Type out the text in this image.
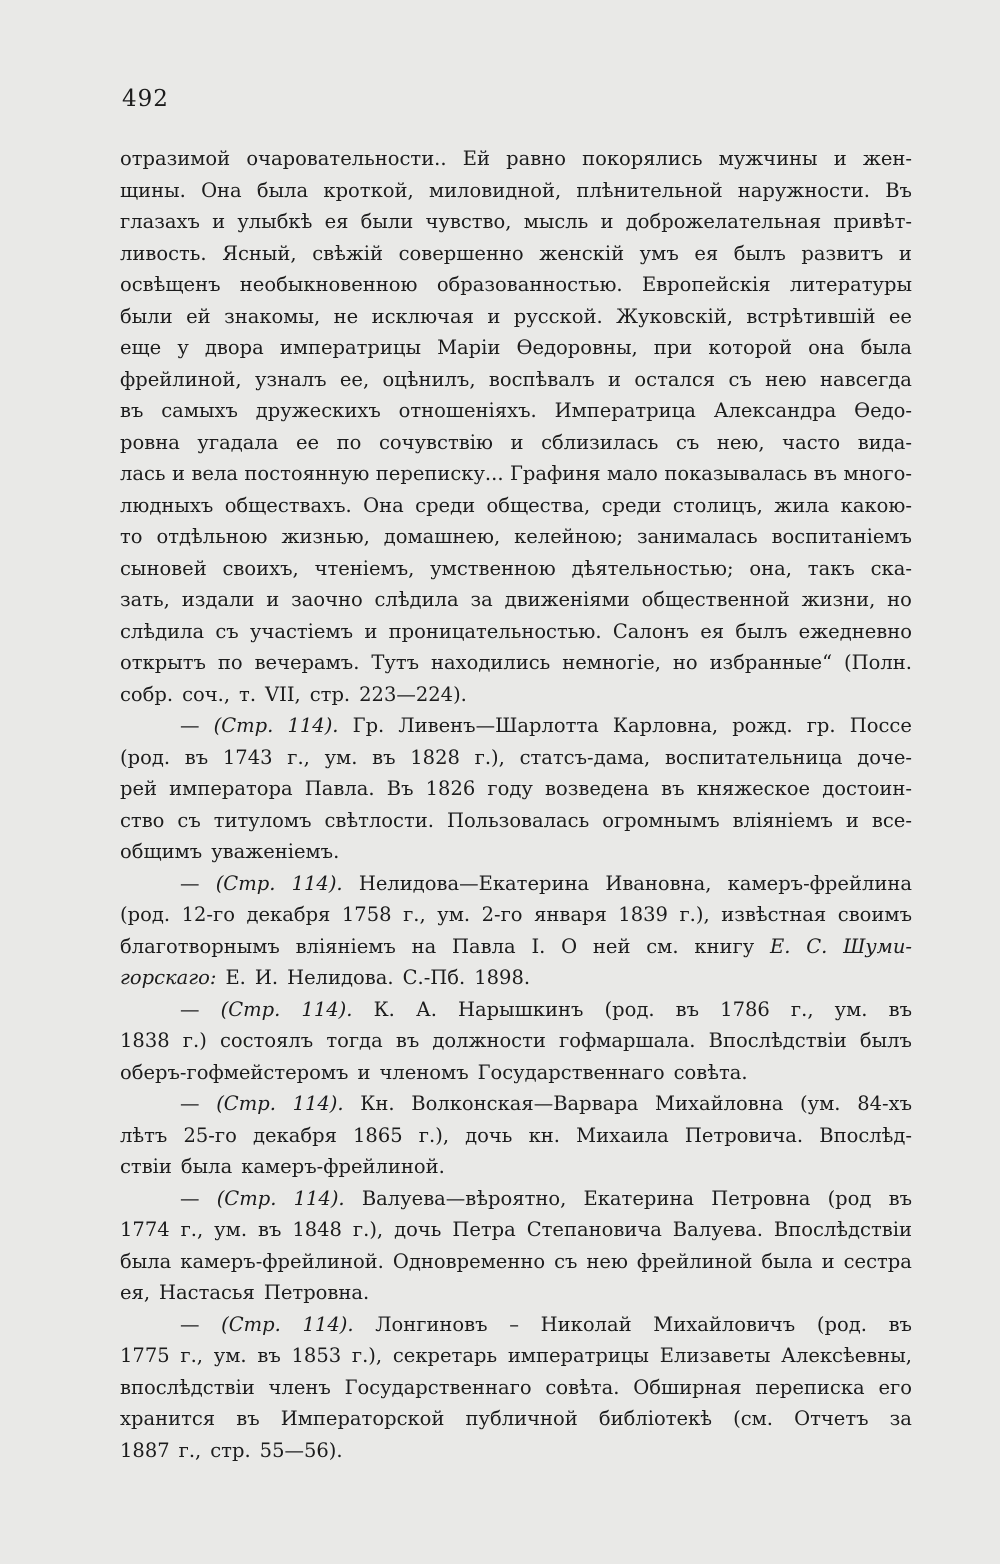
492
отразимой очаровательности.. Ей равно покорялись мужчины и жен-
щины. Она была кроткой, миловидной, плѣнительной наружности. Въ
глазахъ и улыбкѣ ея были чувство, мысль и доброжелательная привѣт-
ливость. Ясный, свѣжій совершенно женскій умъ ея былъ развитъ и
освѣщенъ необыкновенною образованностью. Европейскія литературы
были ей знакомы, не исключая и русской. Жуковскій, встрѣтившій ее
еще у двора императрицы Маріи Ѳедоровны, при которой она была
фрейлиной, узналъ ее, оцѣнилъ, воспѣвалъ и остался съ нею навсегда
въ самыхъ дружескихъ отношеніяхъ. Императрица Александра Ѳедо-
ровна угадала ее по сочувствію и сблизилась съ нею, часто вида-
лась и вела постоянную переписку... Графиня мало показывалась въ много-
людныхъ обществахъ. Она среди общества, среди столицъ, жила какою-
то отдѣльною жизнью, домашнею, келейною; занималась воспитаніемъ
сыновей своихъ, чтеніемъ, умственною дѣятельностью; она, такъ ска-
зать, издали и заочно слѣдила за движеніями общественной жизни, но
слѣдила съ участіемъ и проницательностью. Салонъ ея былъ ежедневно
открытъ по вечерамъ. Тутъ находились немногіе, но избранные“ (Полн.
собр. соч., т. VII, стр. 223—224).
— (Стр. 114). Гр. Ливенъ—Шарлотта Карловна, рожд. гр. Поссе
(род. въ 1743 г., ум. въ 1828 г.), статсъ-дама, воспитательница доче-
рей императора Павла. Въ 1826 году возведена въ княжеское достоин-
ство съ титуломъ свѣтлости. Пользовалась огромнымъ вліяніемъ и все-
общимъ уваженіемъ.
— (Стр. 114). Нелидова—Екатерина Ивановна, камеръ-фрейлина
(род. 12-го декабря 1758 г., ум. 2-го января 1839 г.), извѣстная своимъ
благотворнымъ вліяніемъ на Павла I. О ней см. книгу Е. С. Шуми-
горскаго: Е. И. Нелидова. С.-Пб. 1898.
— (Стр. 114). К. А. Нарышкинъ (род. въ 1786 г., ум. въ
1838 г.) состоялъ тогда въ должности гофмаршала. Впослѣдствіи былъ
оберъ-гофмейстеромъ и членомъ Государственнаго совѣта.
— (Стр. 114). Кн. Волконская—Варвара Михайловна (ум. 84-хъ
лѣтъ 25-го декабря 1865 г.), дочь кн. Михаила Петровича. Впослѣд-
ствіи была камеръ-фрейлиной.
— (Стр. 114). Валуева—вѣроятно, Екатерина Петровна (род въ
1774 г., ум. въ 1848 г.), дочь Петра Степановича Валуева. Впослѣдствіи
была камеръ-фрейлиной. Одновременно съ нею фрейлиной была и сестра
ея, Настасья Петровна.
— (Стр. 114). Лонгиновъ – Николай Михайловичъ (род. въ
1775 г., ум. въ 1853 г.), секретарь императрицы Елизаветы Алексѣевны,
впослѣдствіи членъ Государственнаго совѣта. Обширная переписка его
хранится въ Императорской публичной библіотекѣ (см. Отчетъ за
1887 г., стр. 55—56).
